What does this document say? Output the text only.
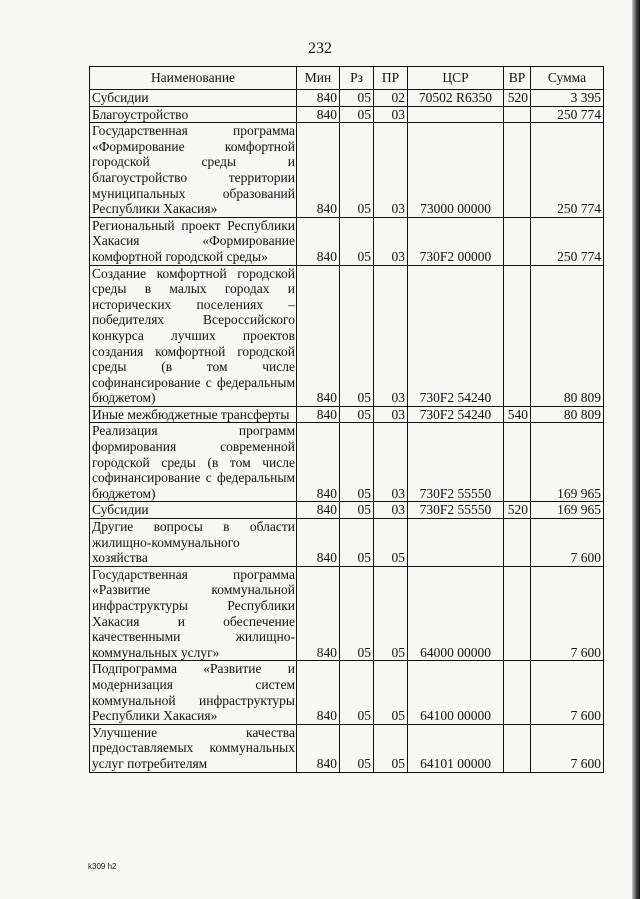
232
Наименование	Мин	Рз	ПР	ЦСР	ВР	Сумма
Субсидии	840	05	02	70502 R6350	520	3 395
Благоустройство	840	05	03			250 774
Государственная программа «Формирование комфортной городской среды и благоустройство территории муниципальных образований Республики Хакасия»	840	05	03	73000 00000		250 774
Региональный проект Республики Хакасия «Формирование комфортной городской среды»	840	05	03	730F2 00000		250 774
Создание комфортной городской среды в малых городах и исторических поселениях – победителях Всероссийского конкурса лучших проектов создания комфортной городской среды (в том числе софинансирование с федеральным бюджетом)	840	05	03	730F2 54240		80 809
Иные межбюджетные трансферты	840	05	03	730F2 54240	540	80 809
Реализация программ формирования современной городской среды (в том числе софинансирование с федеральным бюджетом)	840	05	03	730F2 55550		169 965
Субсидии	840	05	03	730F2 55550	520	169 965
Другие вопросы в области жилищно-коммунального хозяйства	840	05	05			7 600
Государственная программа «Развитие коммунальной инфраструктуры Республики Хакасия и обеспечение качественными жилищно-коммунальных услуг»	840	05	05	64000 00000		7 600
Подпрограмма «Развитие и модернизация систем коммунальной инфраструктуры Республики Хакасия»	840	05	05	64100 00000		7 600
Улучшение качества предоставляемых коммунальных услуг потребителям	840	05	05	64101 00000		7 600
k309 h2
